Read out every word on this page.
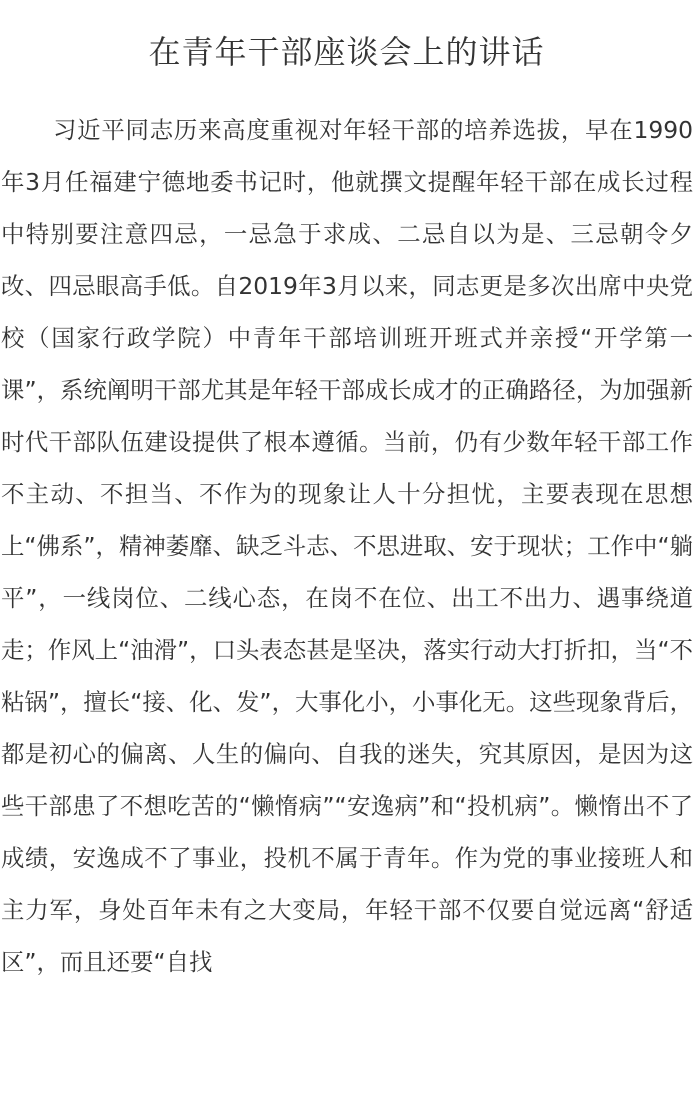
在青年干部座谈会上的讲话

习近平同志历来高度重视对年轻干部的培养选拔，早在1990年3月任福建宁德地委书记时，他就撰文提醒年轻干部在成长过程中特别要注意四忌，一忌急于求成、二忌自以为是、三忌朝令夕改、四忌眼高手低。自2019年3月以来，同志更是多次出席中央党校（国家行政学院）中青年干部培训班开班式并亲授“开学第一课”，系统阐明干部尤其是年轻干部成长成才的正确路径，为加强新时代干部队伍建设提供了根本遵循。当前，仍有少数年轻干部工作不主动、不担当、不作为的现象让人十分担忧，主要表现在思想上“佛系”，精神萎靡、缺乏斗志、不思进取、安于现状；工作中“躺平”，一线岗位、二线心态，在岗不在位、出工不出力、遇事绕道走；作风上“油滑”，口头表态甚是坚决，落实行动大打折扣，当“不粘锅”，擅长“接、化、发”，大事化小，小事化无。这些现象背后，都是初心的偏离、人生的偏向、自我的迷失，究其原因，是因为这些干部患了不想吃苦的“懒惰病”“安逸病”和“投机病”。懒惰出不了成绩，安逸成不了事业，投机不属于青年。作为党的事业接班人和主力军，身处百年未有之大变局，年轻干部不仅要自觉远离“舒适区”，而且还要“自找
